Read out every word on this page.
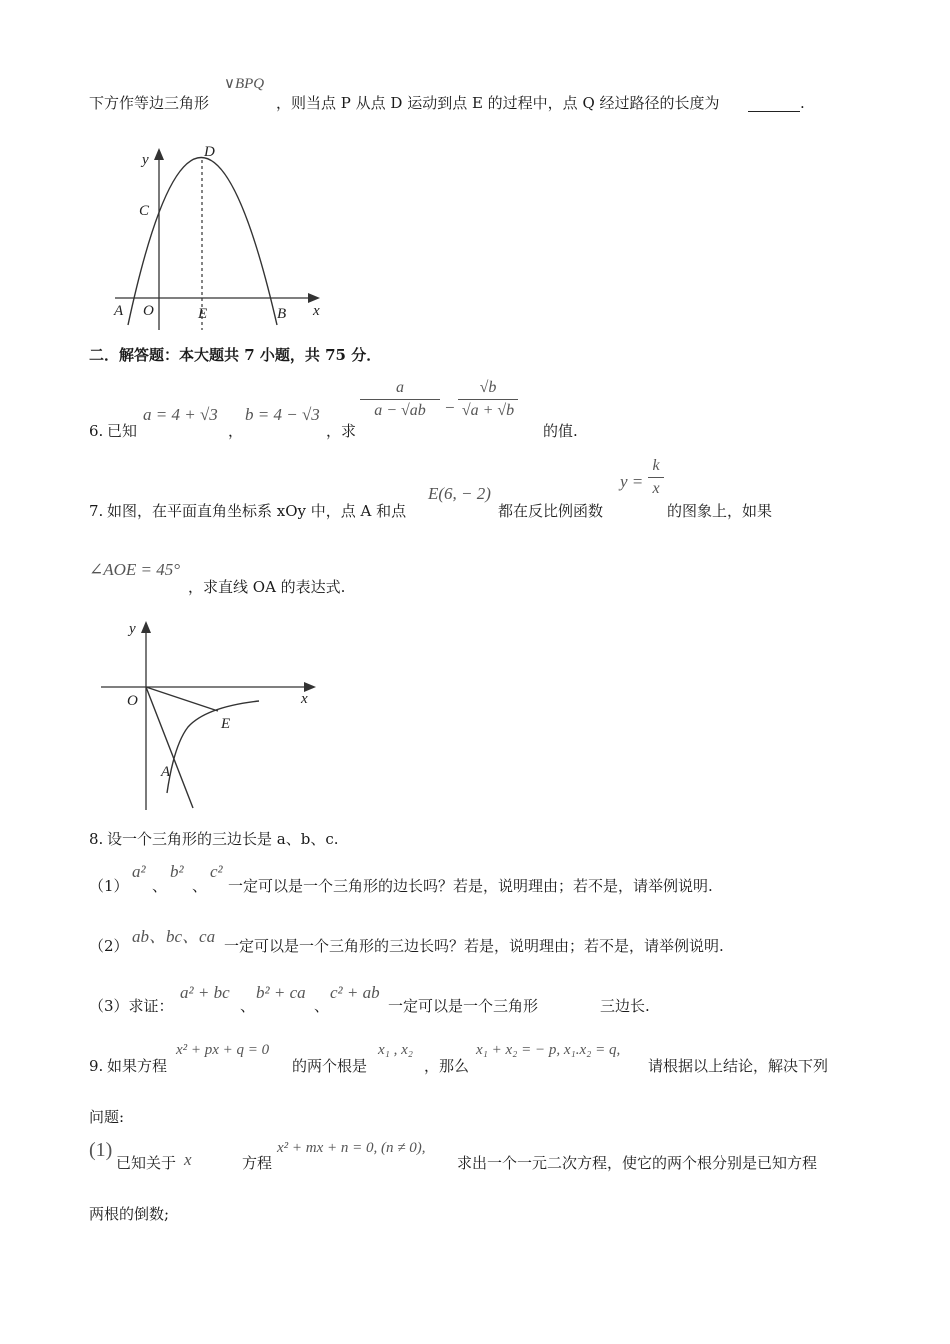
∨BPQ
下方作等边三角形	，则当点 P 从点 D 运动到点 E 的过程中，点 Q 经过路径的长度为	.
y	D
C
A O	E	B x
二．解答题：本大题共 7 小题，共 75 分．
6. 已知
a = 4 + √3
，
b = 4 − √3
，求
a
a − √ab	−
√b
√a + √b
的值.
7. 如图，在平面直角坐标系 xOy 中，点 A 和点
E(6, − 2)
都在反比例函数
y =
k
x
的图象上，如果
∠AOE = 45°
，求直线 OA 的表达式.
y
O	x
E
A
8. 设一个三角形的三边长是 a、b、c.
（1）
a²
、
b²
、
c²
一定可以是一个三角形的边长吗？若是，说明理由；若不是，请举例说明.
（2） ab、bc、ca 一定可以是一个三角形的三边长吗？若是，说明理由；若不是，请举例说明.
（3）求证：
a² + bc
、
b² + ca
、
c² + ab
一定可以是一个三角形	三边长.
9. 如果方程
x² + px + q = 0
的两个根是
x₁ , x₂
，那么
x₁ + x₂ = − p, x₁.x₂ = q,
请根据以上结论，解决下列
问题:
(1)
已知关于 x	方程
x² + mx + n = 0, (n ≠ 0),
求出一个一元二次方程，使它的两个根分别是已知方程
两根的倒数;
